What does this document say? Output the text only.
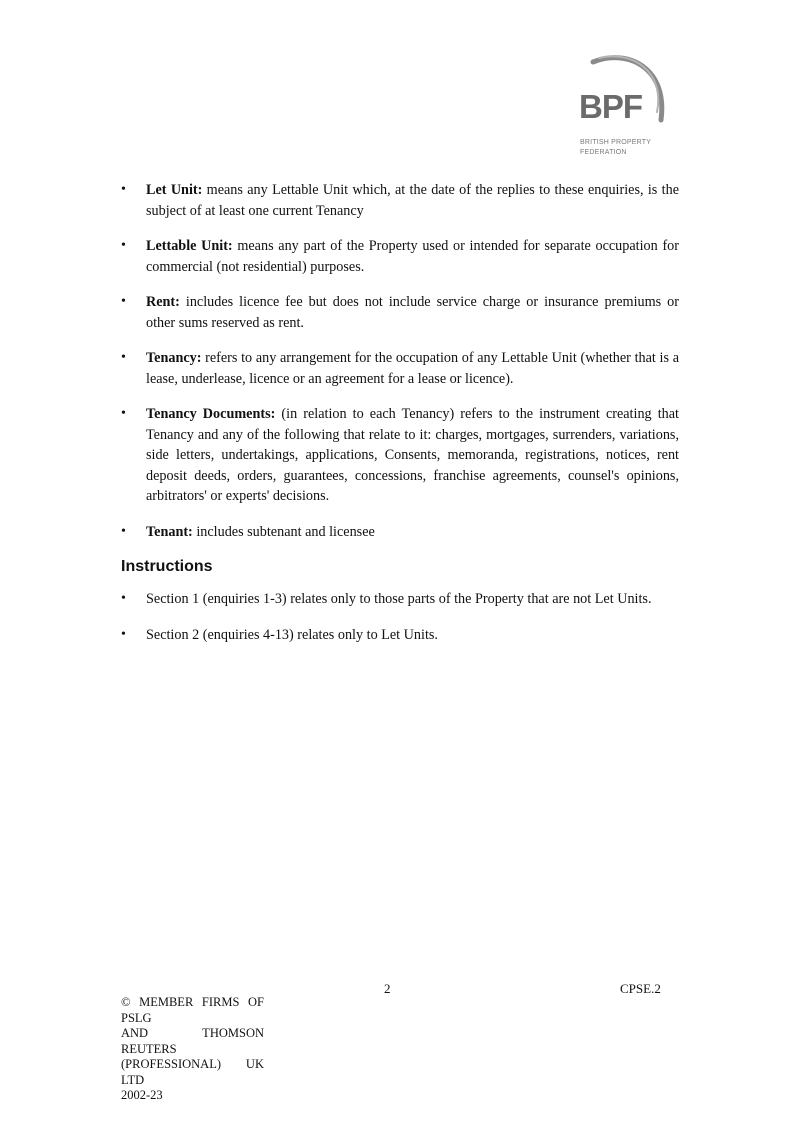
BPF
BRITISH PROPERTY
FEDERATION
• Let Unit: means any Lettable Unit which, at the date of the replies to these enquiries, is the subject of at least one current Tenancy
• Lettable Unit: means any part of the Property used or intended for separate occupation for commercial (not residential) purposes.
• Rent: includes licence fee but does not include service charge or insurance premiums or other sums reserved as rent.
• Tenancy: refers to any arrangement for the occupation of any Lettable Unit (whether that is a lease, underlease, licence or an agreement for a lease or licence).
• Tenancy Documents: (in relation to each Tenancy) refers to the instrument creating that Tenancy and any of the following that relate to it: charges, mortgages, surrenders, variations, side letters, undertakings, applications, Consents, memoranda, registrations, notices, rent deposit deeds, orders, guarantees, concessions, franchise agreements, counsel's opinions, arbitrators' or experts' decisions.
• Tenant: includes subtenant and licensee
Instructions
• Section 1 (enquiries 1-3) relates only to those parts of the Property that are not Let Units.
• Section 2 (enquiries 4-13) relates only to Let Units.
2	CPSE.2
© MEMBER FIRMS OF PSLG
AND THOMSON REUTERS
(PROFESSIONAL) UK LTD
2002-23
